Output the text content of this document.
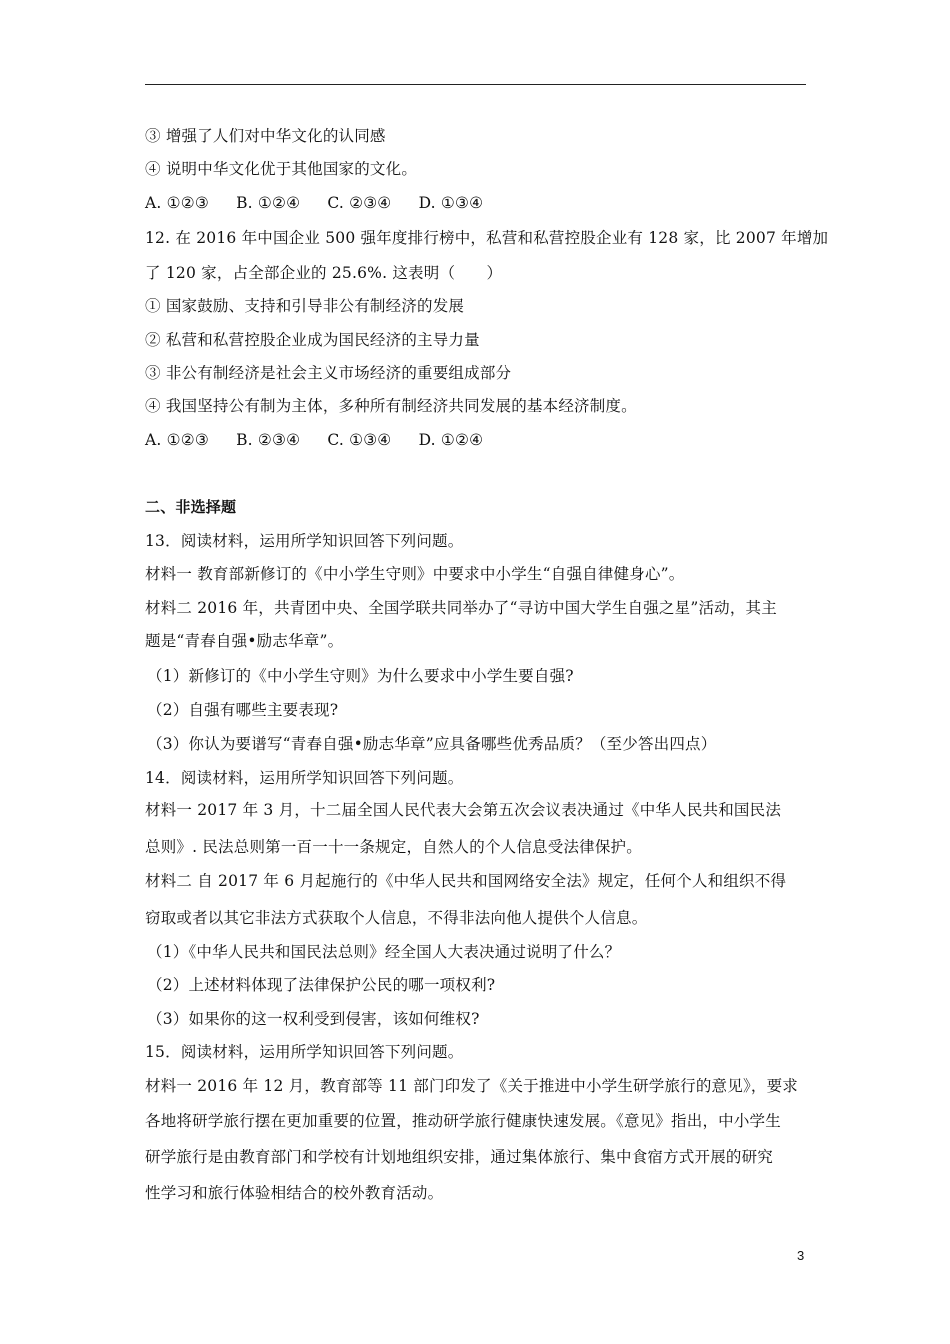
③ 增强了人们对中华文化的认同感
④ 说明中华文化优于其他国家的文化。
A. ①②③ B. ①②④ C. ②③④ D. ①③④
12. 在 2016 年中国企业 500 强年度排行榜中，私营和私营控股企业有 128 家，比 2007 年增加
了 120 家，占全部企业的 25.6%. 这表明（　　）
① 国家鼓励、支持和引导非公有制经济的发展
② 私营和私营控股企业成为国民经济的主导力量
③ 非公有制经济是社会主义市场经济的重要组成部分
④ 我国坚持公有制为主体，多种所有制经济共同发展的基本经济制度。
A. ①②③ B. ②③④ C. ①③④ D. ①②④
二、非选择题
13．阅读材料，运用所学知识回答下列问题。
材料一 教育部新修订的《中小学生守则》中要求中小学生“自强自律健身心”。
材料二 2016 年，共青团中央、全国学联共同举办了“寻访中国大学生自强之星”活动，其主
题是“青春自强•励志华章”。
（1）新修订的《中小学生守则》为什么要求中小学生要自强?
（2）自强有哪些主要表现?
（3）你认为要谱写“青春自强•励志华章”应具备哪些优秀品质？（至少答出四点）
14．阅读材料，运用所学知识回答下列问题。
材料一 2017 年 3 月，十二届全国人民代表大会第五次会议表决通过《中华人民共和国民法
总则》. 民法总则第一百一十一条规定，自然人的个人信息受法律保护。
材料二 自 2017 年 6 月起施行的《中华人民共和国网络安全法》规定，任何个人和组织不得
窃取或者以其它非法方式获取个人信息，不得非法向他人提供个人信息。
（1）《中华人民共和国民法总则》经全国人大表决通过说明了什么？
（2）上述材料体现了法律保护公民的哪一项权利?
（3）如果你的这一权利受到侵害，该如何维权?
15．阅读材料，运用所学知识回答下列问题。
材料一 2016 年 12 月，教育部等 11 部门印发了《关于推进中小学生研学旅行的意见》，要求
各地将研学旅行摆在更加重要的位置，推动研学旅行健康快速发展。《意见》指出，中小学生
研学旅行是由教育部门和学校有计划地组织安排，通过集体旅行、集中食宿方式开展的研究
性学习和旅行体验相结合的校外教育活动。
3
